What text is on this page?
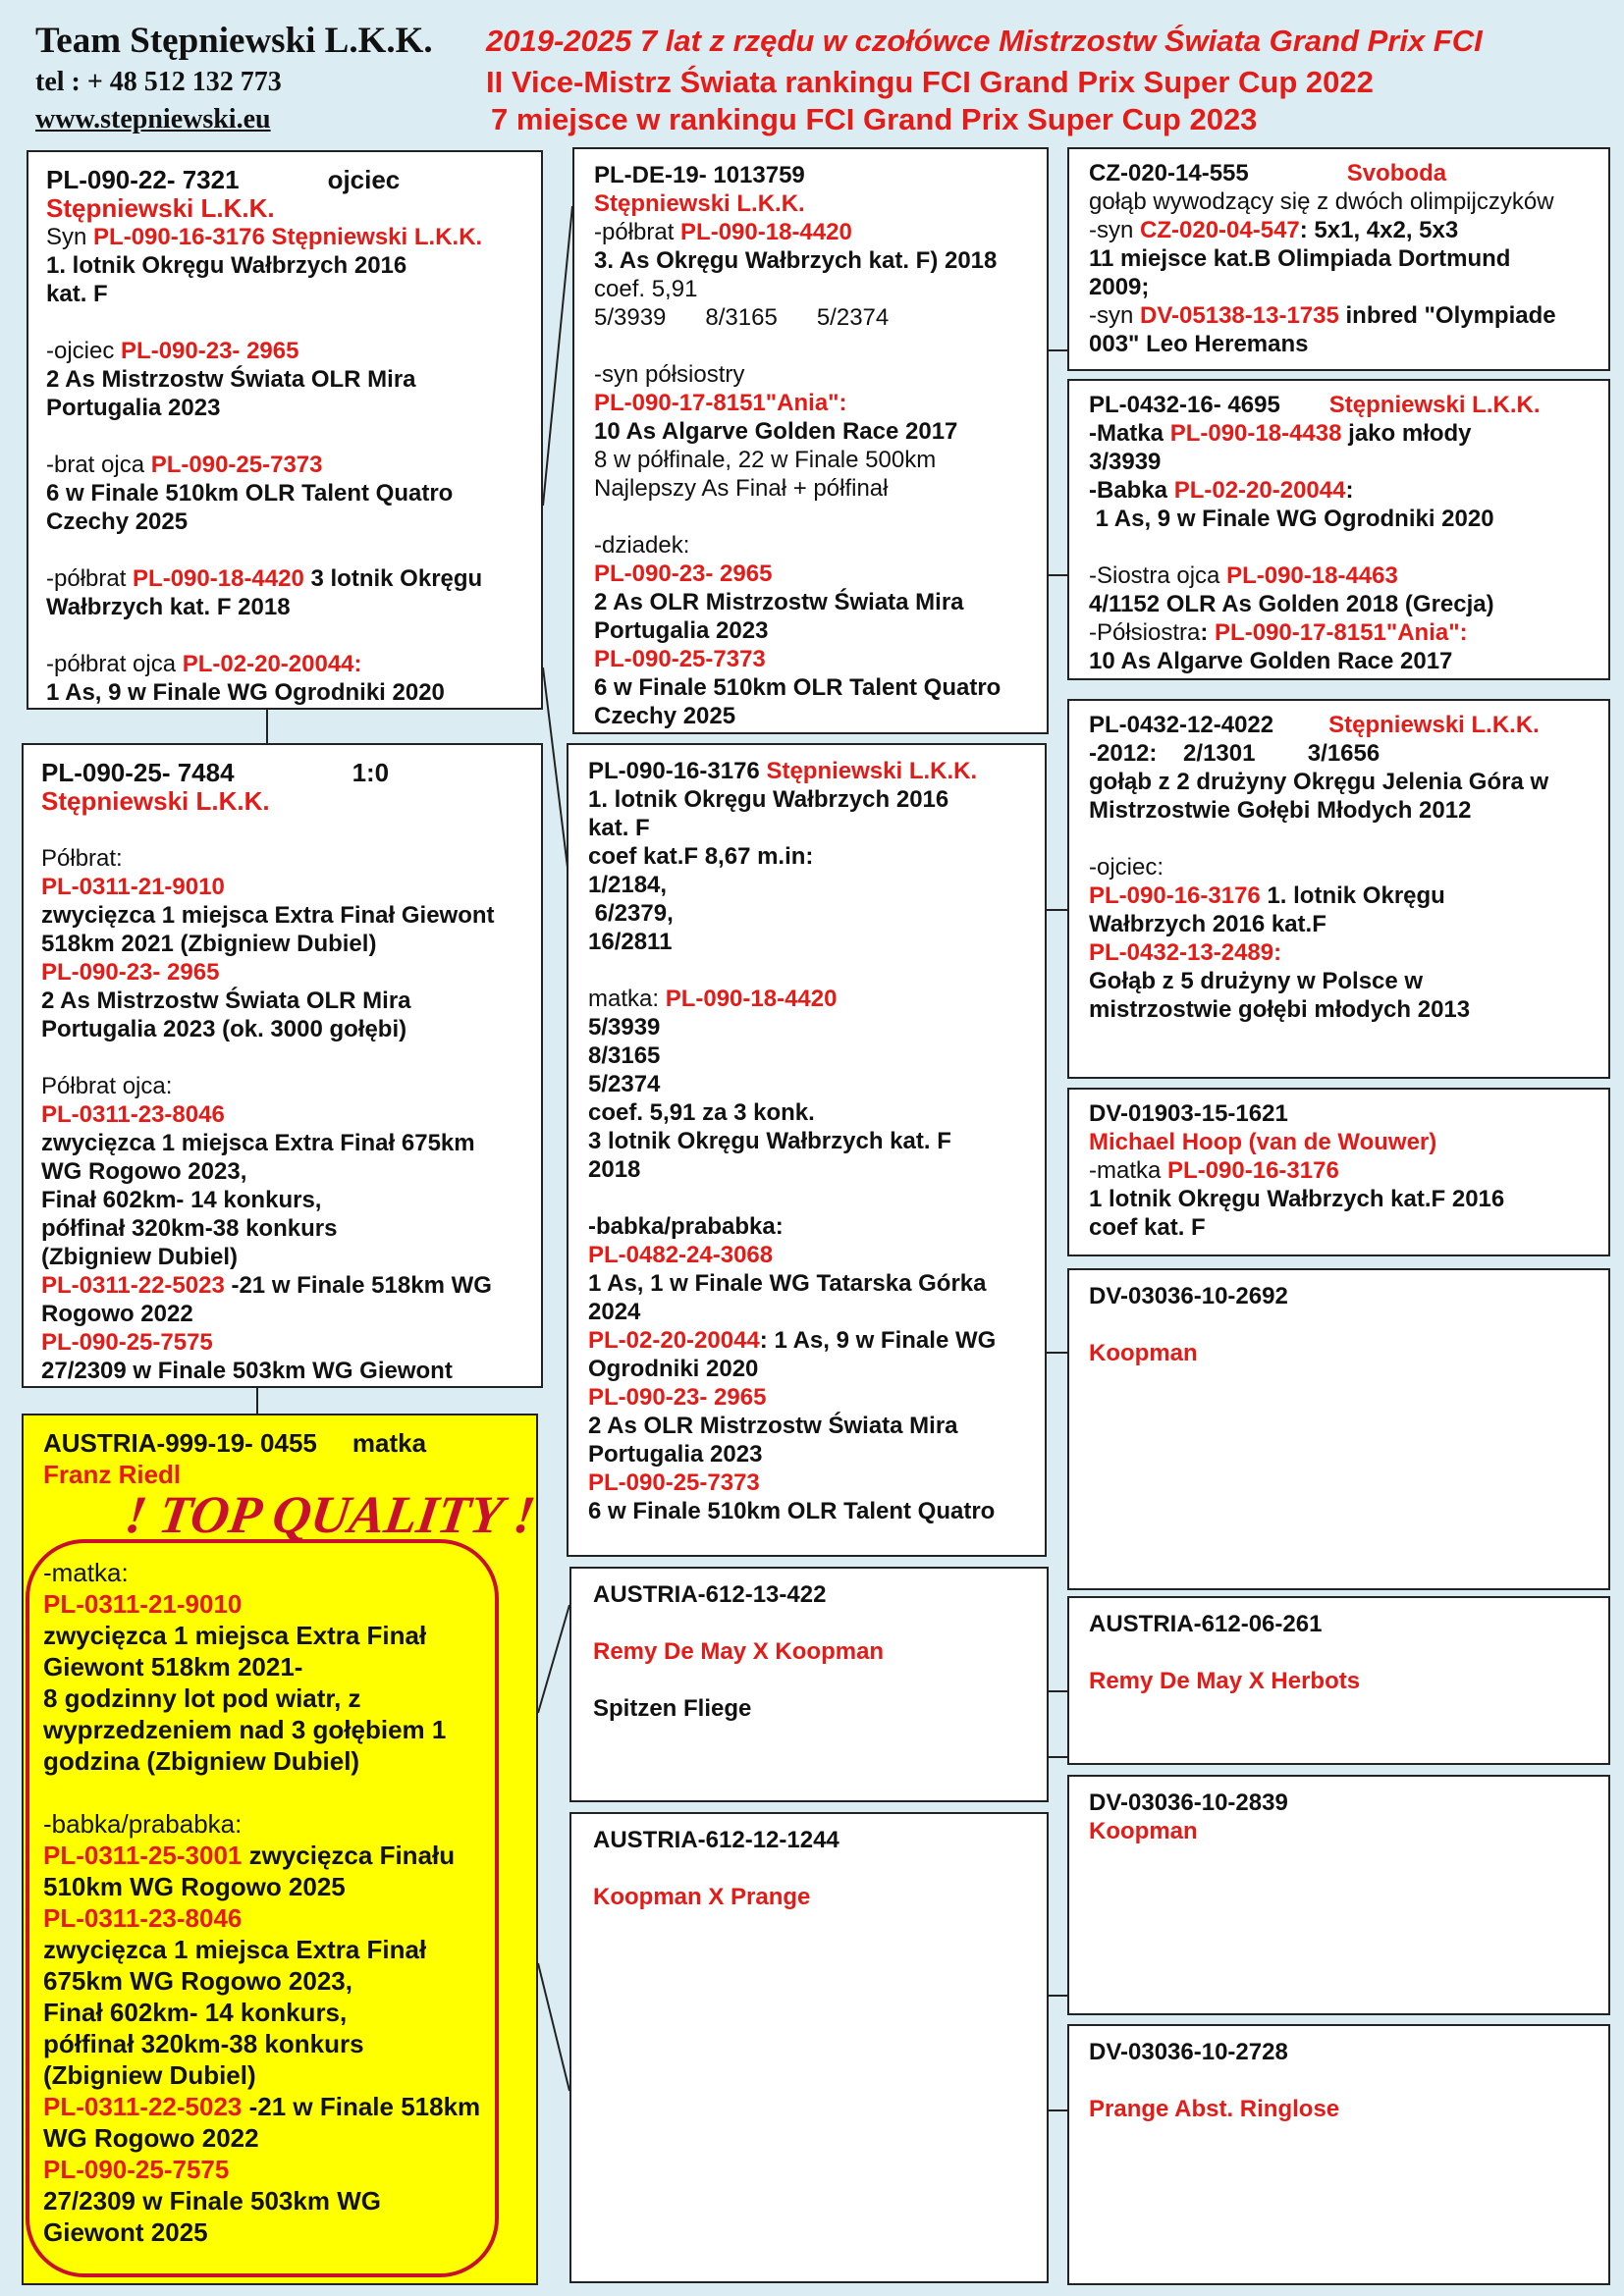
Team Stępniewski L.K.K.
tel : + 48 512 132 773
www.stepniewski.eu
2019-2025 7 lat z rzędu w czołówce Mistrzostw Świata Grand Prix FCI
II Vice-Mistrz Świata rankingu FCI Grand Prix Super Cup 2022
7 miejsce w rankingu FCI Grand Prix Super Cup 2023
PL-090-22- 7321	ojciec
Stępniewski L.K.K.
Syn PL-090-16-3176 Stępniewski L.K.K.
1. lotnik Okręgu Wałbrzych 2016
kat. F
-ojciec PL-090-23- 2965
2 As Mistrzostw Świata OLR Mira
Portugalia 2023
-brat ojca PL-090-25-7373
6 w Finale 510km OLR Talent Quatro
Czechy 2025
-półbrat PL-090-18-4420 3 lotnik Okręgu
Wałbrzych kat. F 2018
-półbrat ojca PL-02-20-20044:
1 As, 9 w Finale WG Ogrodniki 2020
PL-090-25- 7484	1:0
Stępniewski L.K.K.
Półbrat:
PL-0311-21-9010
zwycięzca 1 miejsca Extra Finał Giewont
518km 2021 (Zbigniew Dubiel)
PL-090-23- 2965
2 As Mistrzostw Świata OLR Mira
Portugalia 2023 (ok. 3000 gołębi)
Półbrat ojca:
PL-0311-23-8046
zwycięzca 1 miejsca Extra Finał 675km
WG Rogowo 2023,
Finał 602km- 14 konkurs,
półfinał 320km-38 konkurs
(Zbigniew Dubiel)
PL-0311-22-5023 -21 w Finale 518km WG
Rogowo 2022
PL-090-25-7575
27/2309 w Finale 503km WG Giewont
AUSTRIA-999-19- 0455 matka
Franz Riedl
! TOP QUALITY !
-matka:
PL-0311-21-9010
zwycięzca 1 miejsca Extra Finał
Giewont 518km 2021-
8 godzinny lot pod wiatr, z
wyprzedzeniem nad 3 gołębiem 1
godzina (Zbigniew Dubiel)
-babka/prababka:
PL-0311-25-3001 zwycięzca Finału
510km WG Rogowo 2025
PL-0311-23-8046
zwycięzca 1 miejsca Extra Finał
675km WG Rogowo 2023,
Finał 602km- 14 konkurs,
półfinał 320km-38 konkurs
(Zbigniew Dubiel)
PL-0311-22-5023 -21 w Finale 518km
WG Rogowo 2022
PL-090-25-7575
27/2309 w Finale 503km WG
Giewont 2025
PL-DE-19- 1013759
Stępniewski L.K.K.
-półbrat PL-090-18-4420
3. As Okręgu Wałbrzych kat. F) 2018
coef. 5,91
5/3939      8/3165      5/2374
-syn półsiostry
PL-090-17-8151"Ania":
10 As Algarve Golden Race 2017
8 w półfinale, 22 w Finale 500km
Najlepszy As Finał + półfinał
-dziadek:
PL-090-23- 2965
2 As OLR Mistrzostw Świata Mira
Portugalia 2023
PL-090-25-7373
6 w Finale 510km OLR Talent Quatro
Czechy 2025
PL-090-16-3176 Stępniewski L.K.K.
1. lotnik Okręgu Wałbrzych 2016
kat. F
coef kat.F 8,67 m.in:
1/2184,
6/2379,
16/2811
matka: PL-090-18-4420
5/3939
8/3165
5/2374
coef. 5,91 za 3 konk.
3 lotnik Okręgu Wałbrzych kat. F
2018
-babka/prababka:
PL-0482-24-3068
1 As, 1 w Finale WG Tatarska Górka
2024
PL-02-20-20044: 1 As, 9 w Finale WG
Ogrodniki 2020
PL-090-23- 2965
2 As OLR Mistrzostw Świata Mira
Portugalia 2023
PL-090-25-7373
6 w Finale 510km OLR Talent Quatro
AUSTRIA-612-13-422
Remy De May X Koopman
Spitzen Fliege
AUSTRIA-612-12-1244
Koopman X Prange
CZ-020-14-555	Svoboda
gołąb wywodzący się z dwóch olimpijczyków
-syn CZ-020-04-547: 5x1, 4x2, 5x3
11 miejsce kat.B Olimpiada Dortmund
2009;
-syn DV-05138-13-1735 inbred "Olympiade
003" Leo Heremans
PL-0432-16- 4695 Stępniewski L.K.K.
-Matka PL-090-18-4438 jako młody
3/3939
-Babka PL-02-20-20044:
1 As, 9 w Finale WG Ogrodniki 2020
-Siostra ojca PL-090-18-4463
4/1152 OLR As Golden 2018 (Grecja)
-Półsiostra: PL-090-17-8151"Ania":
10 As Algarve Golden Race 2017
PL-0432-12-4022 Stępniewski L.K.K.
-2012:    2/1301        3/1656
gołąb z 2 drużyny Okręgu Jelenia Góra w
Mistrzostwie Gołębi Młodych 2012
-ojciec:
PL-090-16-3176 1. lotnik Okręgu
Wałbrzych 2016 kat.F
PL-0432-13-2489:
Gołąb z 5 drużyny w Polsce w
mistrzostwie gołębi młodych 2013
DV-01903-15-1621
Michael Hoop (van de Wouwer)
-matka PL-090-16-3176
1 lotnik Okręgu Wałbrzych kat.F 2016
coef kat. F
DV-03036-10-2692
Koopman
AUSTRIA-612-06-261
Remy De May X Herbots
DV-03036-10-2839
Koopman
DV-03036-10-2728
Prange Abst. Ringlose
